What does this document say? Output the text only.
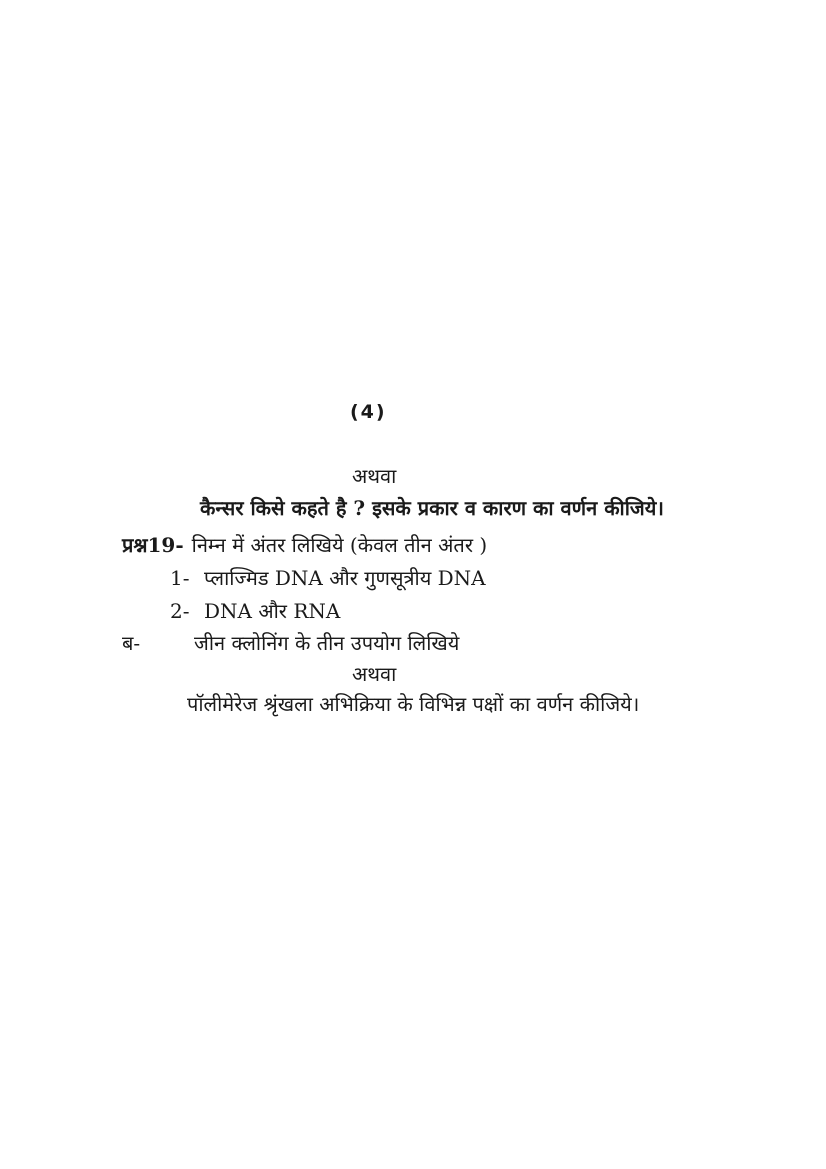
(4)
अथवा
कैन्सर किसे कहते है ? इसके प्रकार व कारण का वर्णन कीजिये।
प्रश्न19- निम्न में अंतर लिखिये (केवल तीन अंतर )
1- प्लाज्मिड DNA और गुणसूत्रीय DNA
2- DNA और RNA
ब-	जीन क्लोनिंग के तीन उपयोग लिखिये
अथवा
पॉलीमेरेज श्रृंखला अभिक्रिया के विभिन्न पक्षों का वर्णन कीजिये।
